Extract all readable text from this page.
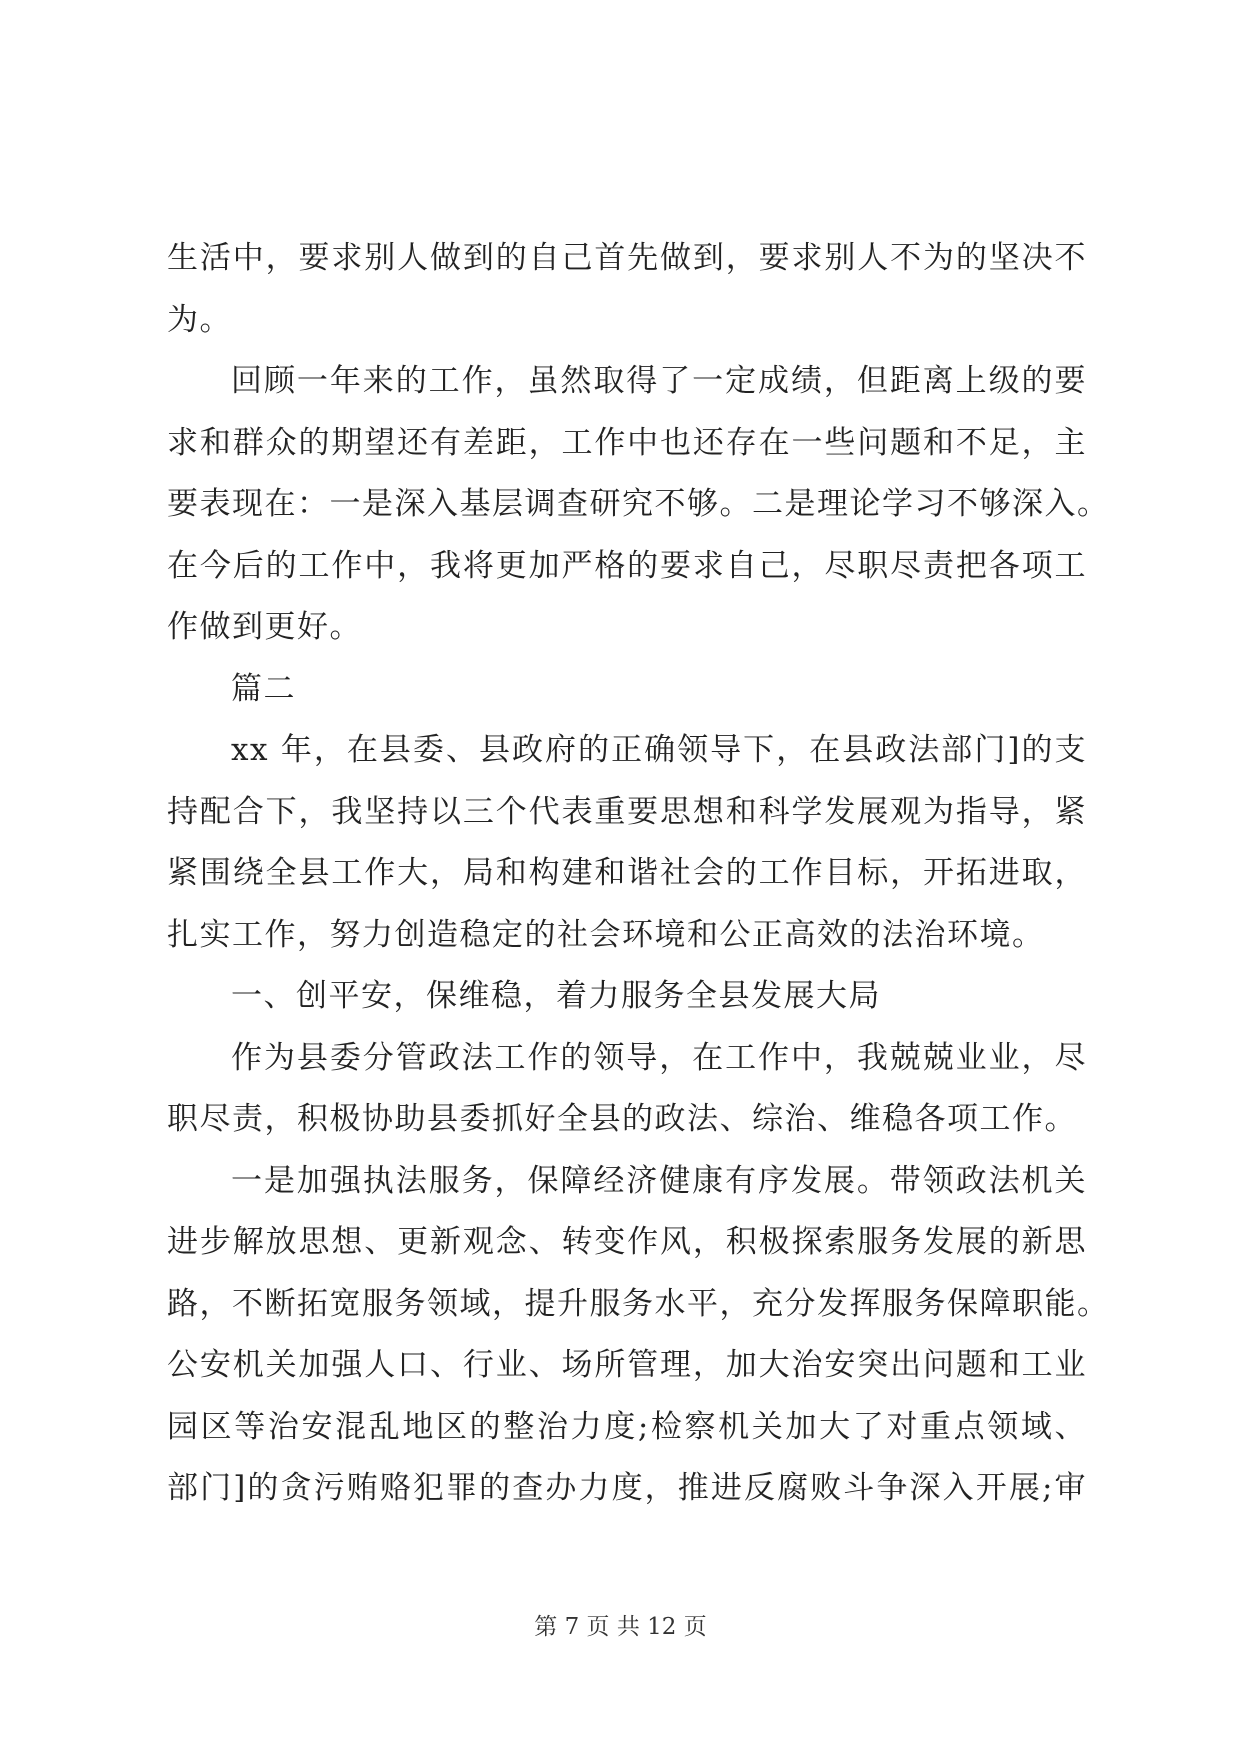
生活中，要求别人做到的自己首先做到，要求别人不为的坚决不
为。
回顾一年来的工作，虽然取得了一定成绩，但距离上级的要
求和群众的期望还有差距，工作中也还存在一些问题和不足，主
要表现在：一是深入基层调查研究不够。二是理论学习不够深入。
在今后的工作中，我将更加严格的要求自己，尽职尽责把各项工
作做到更好。
篇二
xx 年，在县委、县政府的正确领导下，在县政法部门]的支
持配合下，我坚持以三个代表重要思想和科学发展观为指导，紧
紧围绕全县工作大，局和构建和谐社会的工作目标，开拓进取，
扎实工作，努力创造稳定的社会环境和公正高效的法治环境。
一、创平安，保维稳，着力服务全县发展大局
作为县委分管政法工作的领导，在工作中，我兢兢业业，尽
职尽责，积极协助县委抓好全县的政法、综治、维稳各项工作。
一是加强执法服务，保障经济健康有序发展。带领政法机关
进步解放思想、更新观念、转变作风，积极探索服务发展的新思
路，不断拓宽服务领域，提升服务水平，充分发挥服务保障职能。
公安机关加强人口、行业、场所管理，加大治安突出问题和工业
园区等治安混乱地区的整治力度;检察机关加大了对重点领域、
部门]的贪污贿赂犯罪的查办力度，推进反腐败斗争深入开展;审
第 7 页 共 12 页
